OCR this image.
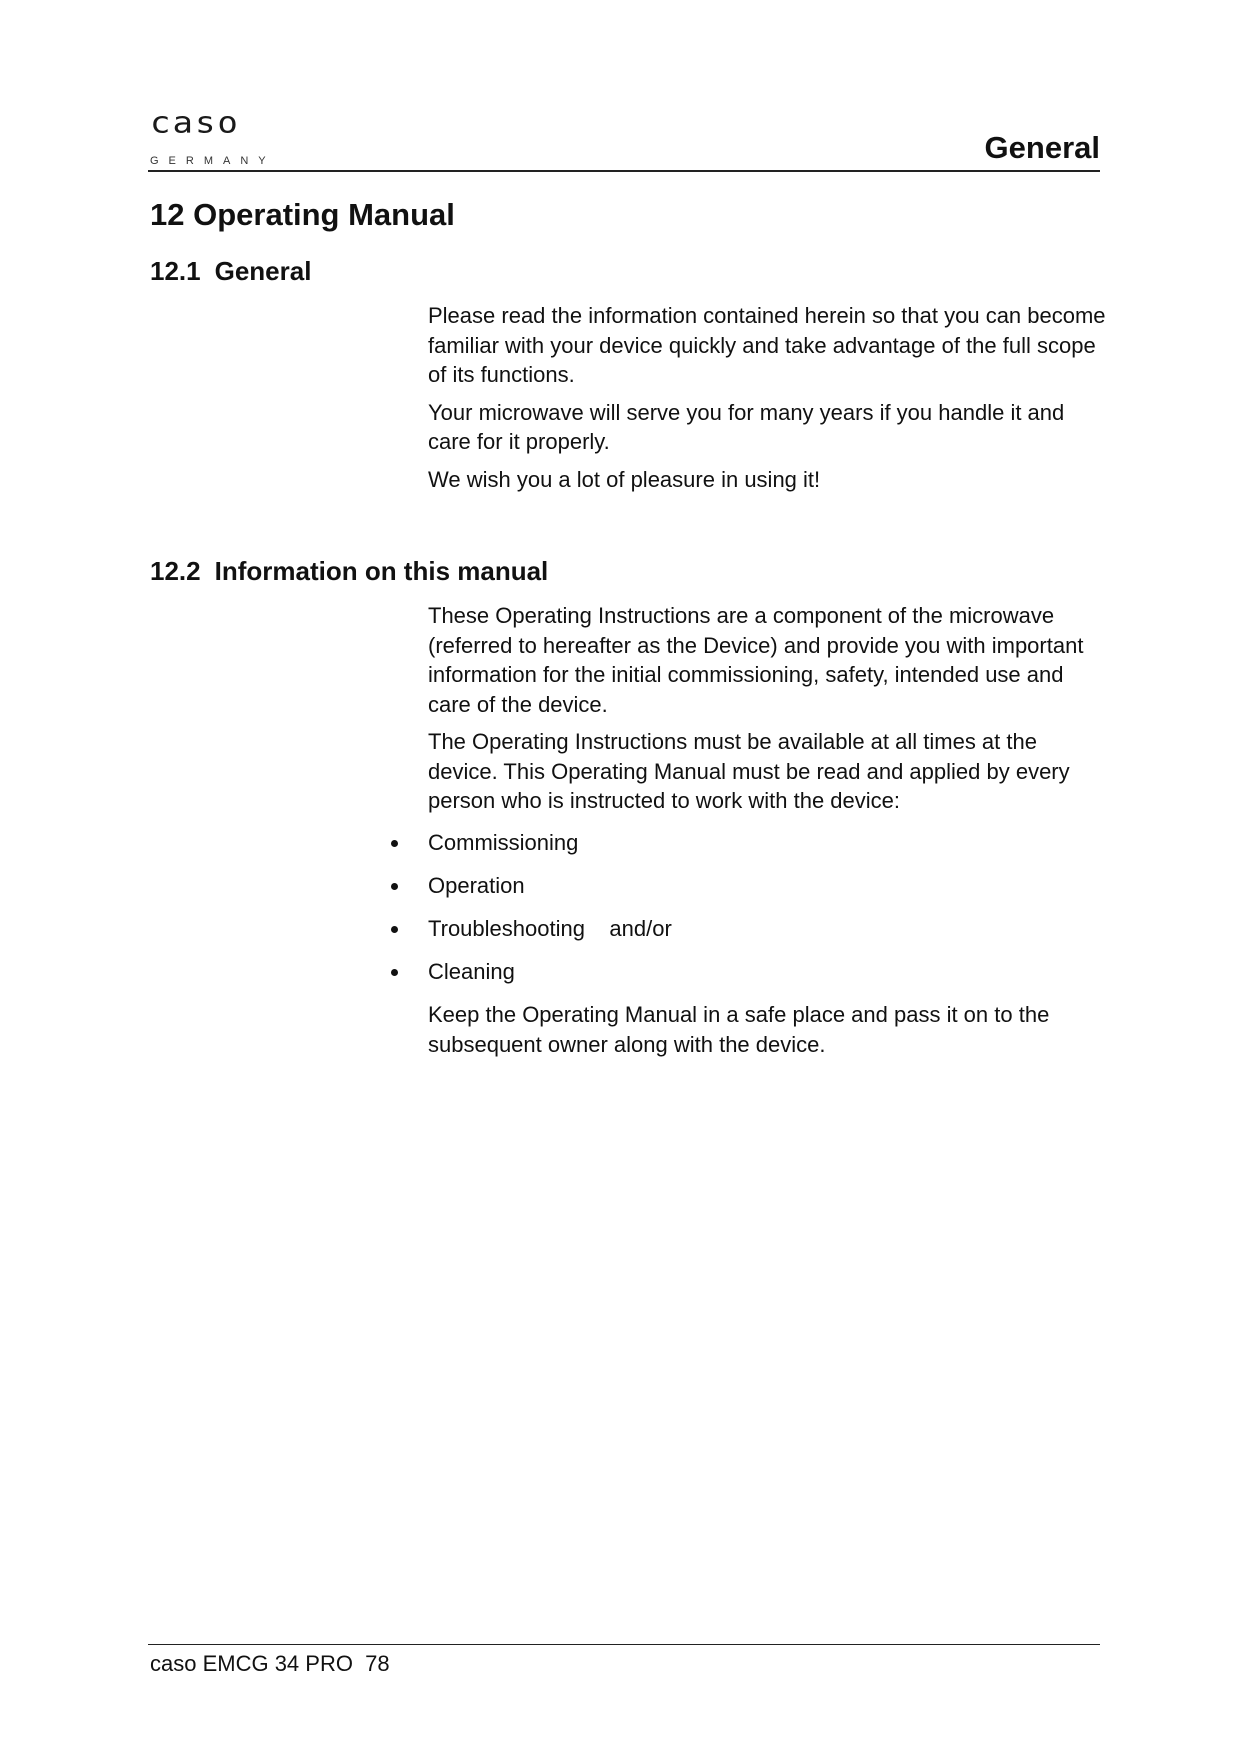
caso
GERMANY	General
12 Operating Manual
12.1 General

Please read the information contained herein so that you can become familiar with your device quickly and take advantage of the full scope of its functions.

Your microwave will serve you for many years if you handle it and care for it properly.

We wish you a lot of pleasure in using it!

12.2 Information on this manual

These Operating Instructions are a component of the microwave (referred to hereafter as the Device) and provide you with important information for the initial commissioning, safety, intended use and care of the device.

The Operating Instructions must be available at all times at the device. This Operating Manual must be read and applied by every person who is instructed to work with the device:

Commissioning
Operation
Troubleshooting    and/or
Cleaning

Keep the Operating Manual in a safe place and pass it on to the subsequent owner along with the device.

caso EMCG 34 PRO  78
